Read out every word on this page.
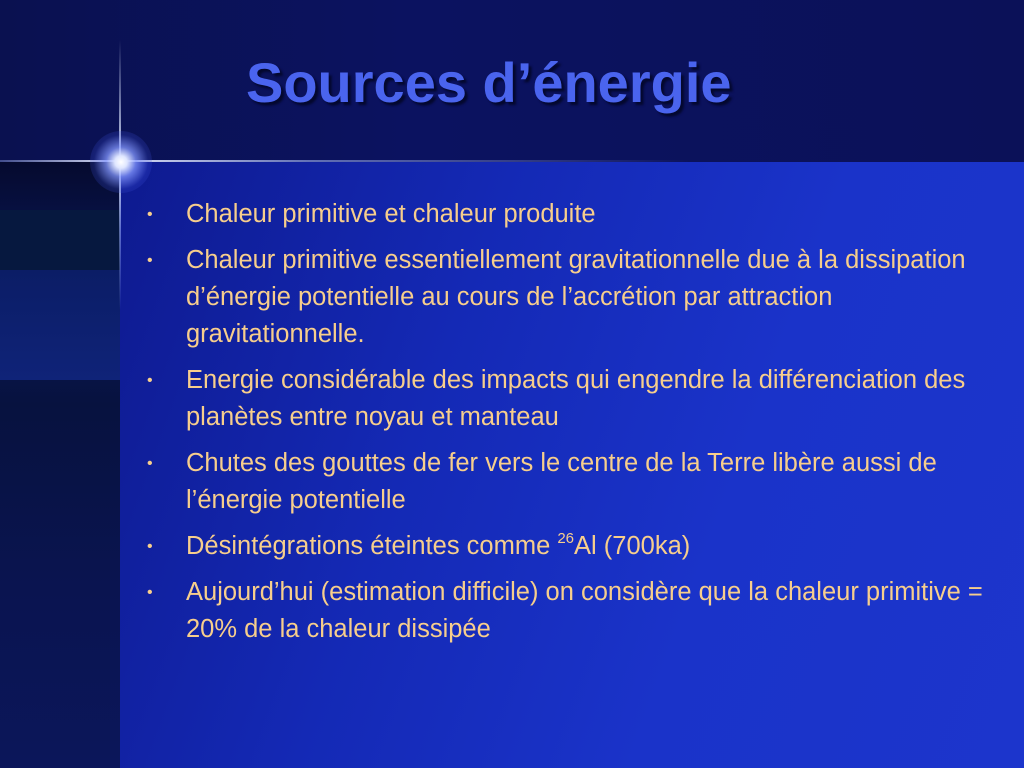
Sources d’énergie
• Chaleur primitive et chaleur produite
• Chaleur primitive essentiellement gravitationnelle due à la dissipation d’énergie potentielle au cours de l’accrétion par attraction gravitationnelle.
• Energie considérable des impacts qui engendre la différenciation des planètes entre noyau et manteau
• Chutes des gouttes de fer vers le centre de la Terre libère aussi de l’énergie potentielle
• Désintégrations éteintes comme $^{26}$Al (700ka)
• Aujourd’hui (estimation difficile) on considère que la chaleur primitive = 20% de la chaleur dissipée
